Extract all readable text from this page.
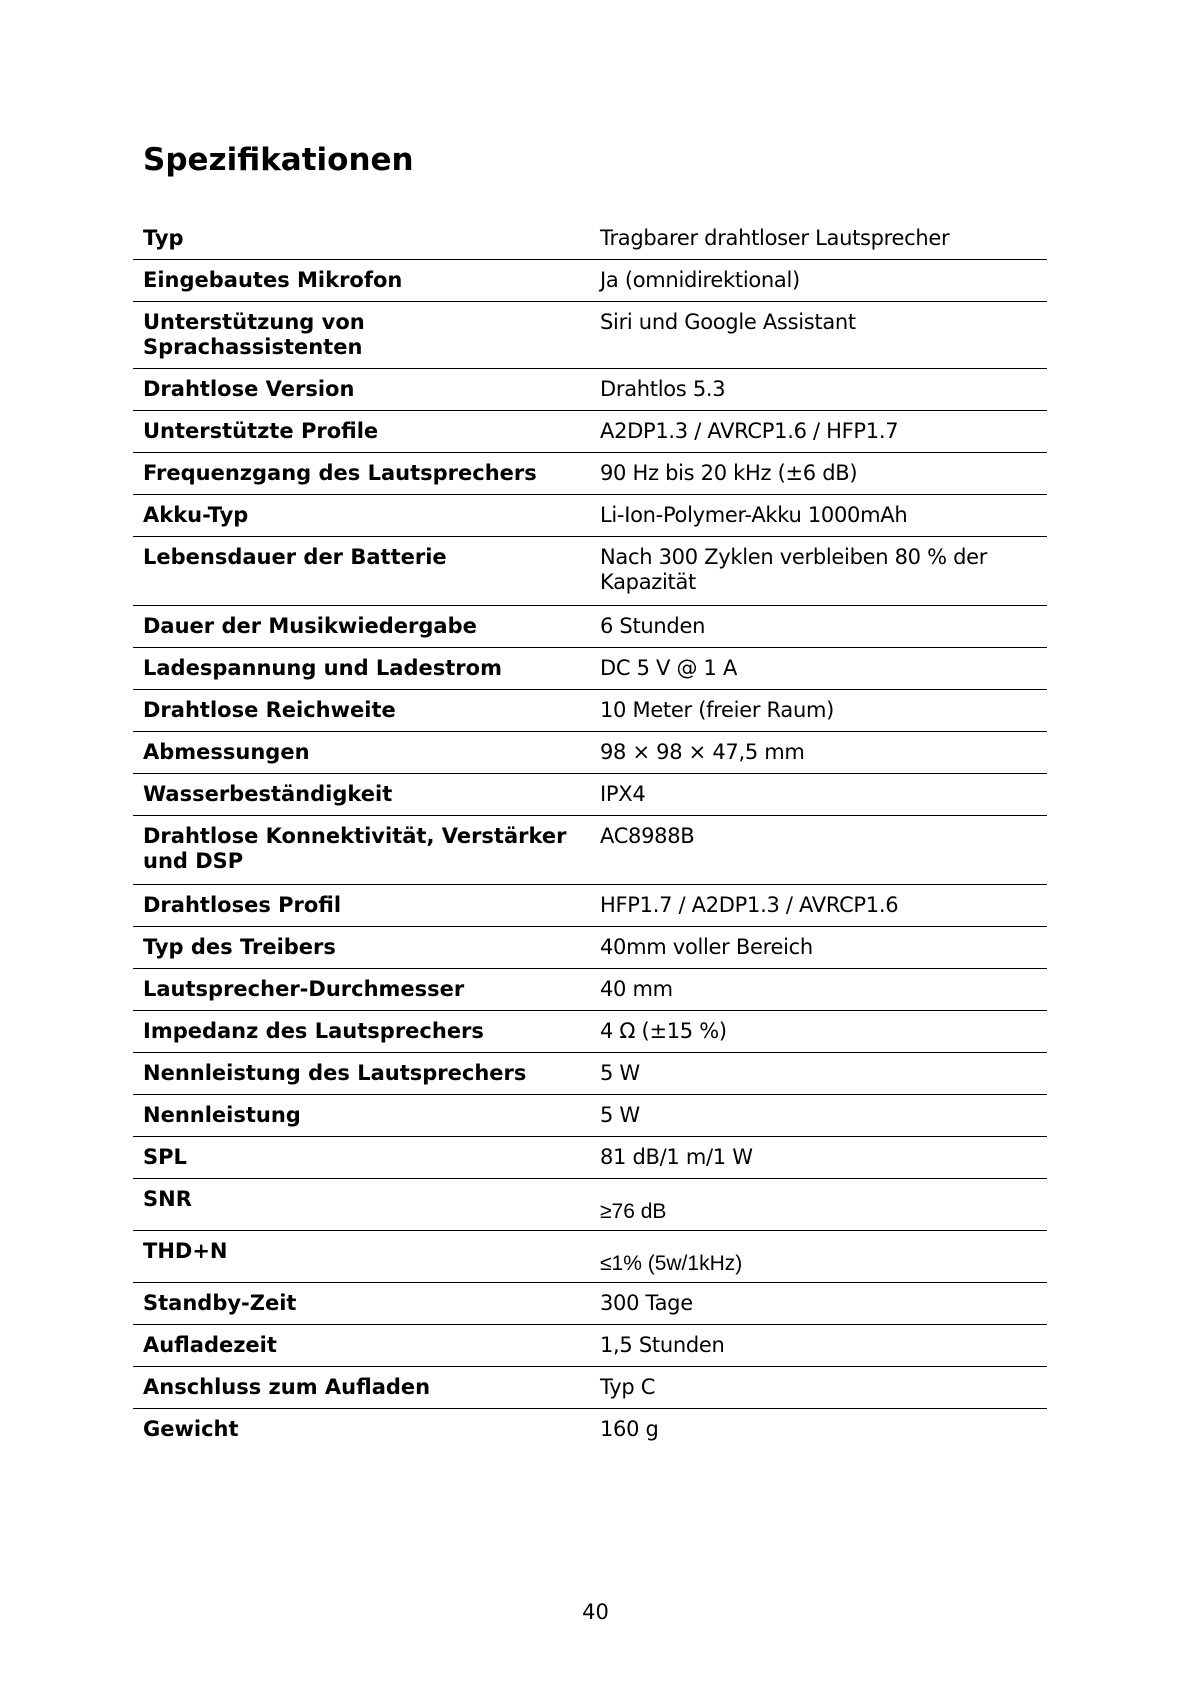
Spezifikationen
Typ	Tragbarer drahtloser Lautsprecher
Eingebautes Mikrofon	Ja (omnidirektional)
Unterstützung von Sprachassistenten	Siri und Google Assistant
Drahtlose Version	Drahtlos 5.3
Unterstützte Profile	A2DP1.3 / AVRCP1.6 / HFP1.7
Frequenzgang des Lautsprechers	90 Hz bis 20 kHz (±6 dB)
Akku-Typ	Li-Ion-Polymer-Akku 1000mAh
Lebensdauer der Batterie	Nach 300 Zyklen verbleiben 80 % der Kapazität
Dauer der Musikwiedergabe	6 Stunden
Ladespannung und Ladestrom	DC 5 V @ 1 A
Drahtlose Reichweite	10 Meter (freier Raum)
Abmessungen	98 × 98 × 47,5 mm
Wasserbeständigkeit	IPX4
Drahtlose Konnektivität, Verstärker und DSP	AC8988B
Drahtloses Profil	HFP1.7 / A2DP1.3 / AVRCP1.6
Typ des Treibers	40mm voller Bereich
Lautsprecher-Durchmesser	40 mm
Impedanz des Lautsprechers	4 Ω (±15 %)
Nennleistung des Lautsprechers	5 W
Nennleistung	5 W
SPL	81 dB/1 m/1 W
SNR	≥76 dB
THD+N	≤1% (5w/1kHz)
Standby-Zeit	300 Tage
Aufladezeit	1,5 Stunden
Anschluss zum Aufladen	Typ C
Gewicht	160 g
40
